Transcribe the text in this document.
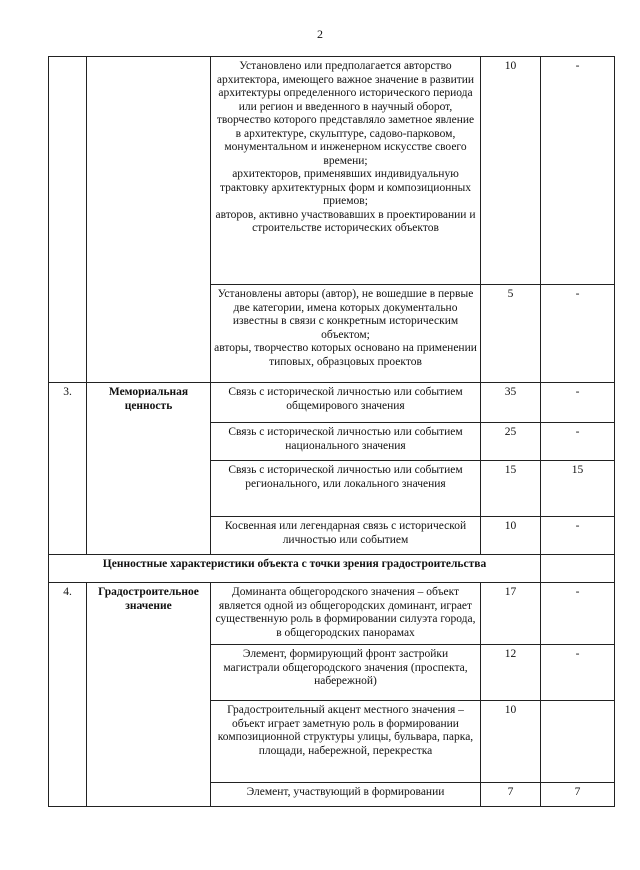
2
		Установлено или предполагается авторство архитектора, имеющего важное значение в развитии архитектуры определенного исторического периода или регион и введенного в научный оборот, творчество которого представляло заметное явление в архитектуре, скульптуре, садово-парковом, монументальном и инженерном искусстве своего времени;
архитекторов, применявших индивидуальную трактовку архитектурных форм и композиционных приемов;
авторов, активно участвовавших в проектировании и строительстве исторических объектов	10	-
		Установлены авторы (автор), не вошедшие в первые две категории, имена которых документально известны в связи с конкретным историческим объектом;
авторы, творчество которых основано на применении типовых, образцовых проектов	5	-
3.	Мемориальная ценность	Связь с исторической личностью или событием общемирового значения	35	-
		Связь с исторической личностью или событием национального значения	25	-
		Связь с исторической личностью или событием регионального, или локального значения	15	15
		Косвенная или легендарная связь с исторической личностью или событием	10	-
Ценностные характеристики объекта с точки зрения градостроительства				
4.	Градостроительное значение	Доминанта общегородского значения – объект является одной из общегородских доминант, играет существенную роль в формировании силуэта города, в общегородских панорамах	17	-
		Элемент, формирующий фронт застройки магистрали общегородского значения (проспекта, набережной)	12	-
		Градостроительный акцент местного значения – объект играет заметную роль в формировании композиционной структуры улицы, бульвара, парка, площади, набережной, перекрестка	10	
		Элемент, участвующий в формировании	7	7
